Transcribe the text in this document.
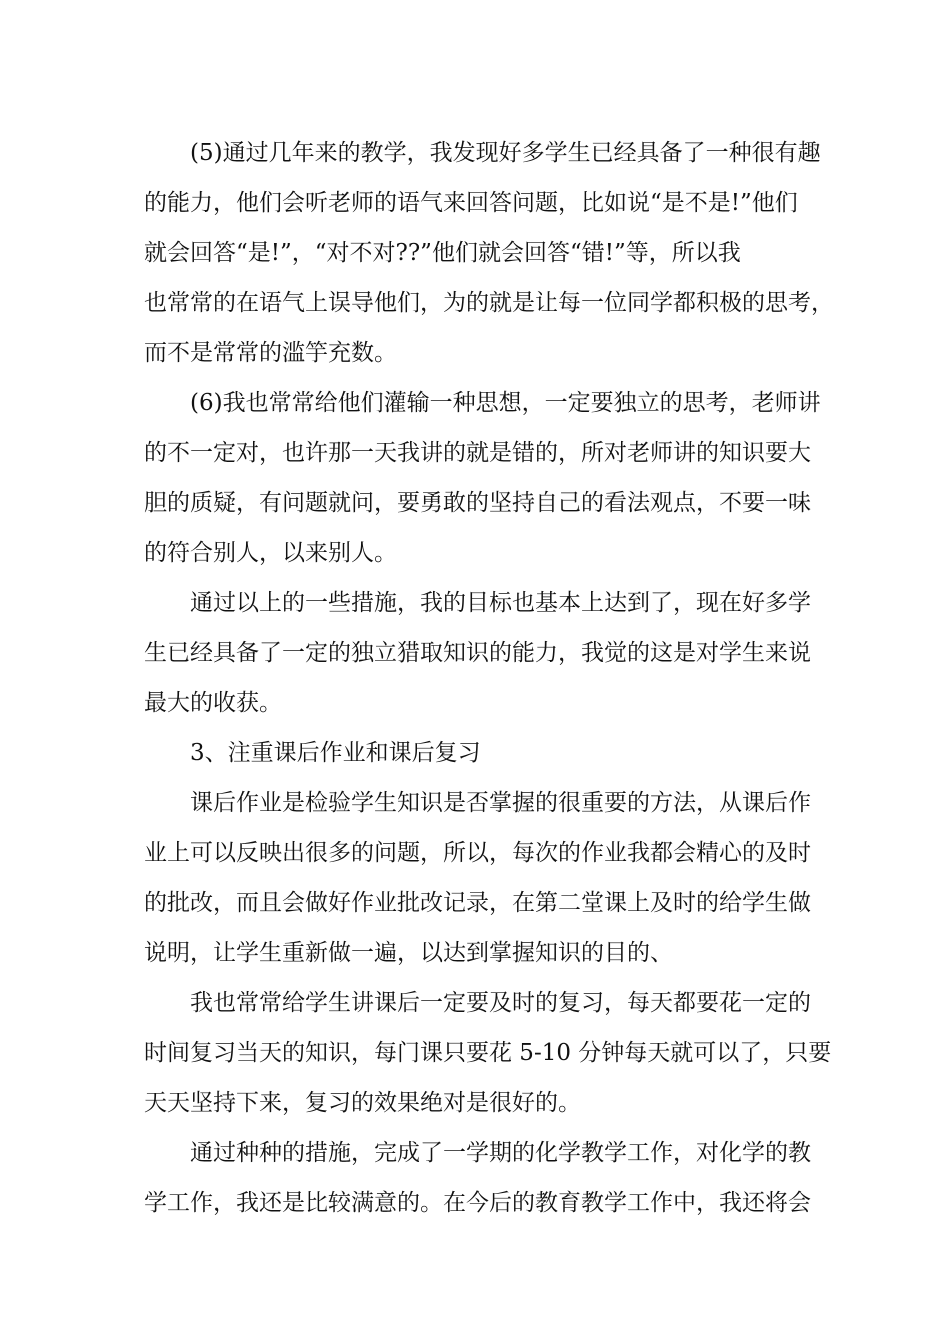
(5)通过几年来的教学，我发现好多学生已经具备了一种很有趣
的能力，他们会听老师的语气来回答问题，比如说“是不是!”他们
就会回答“是!”，“对不对??”他们就会回答“错!”等，所以我
也常常的在语气上误导他们，为的就是让每一位同学都积极的思考，
而不是常常的滥竽充数。
(6)我也常常给他们灌输一种思想，一定要独立的思考，老师讲
的不一定对，也许那一天我讲的就是错的，所对老师讲的知识要大
胆的质疑，有问题就问，要勇敢的坚持自己的看法观点，不要一味
的符合别人，以来别人。
通过以上的一些措施，我的目标也基本上达到了，现在好多学
生已经具备了一定的独立猎取知识的能力，我觉的这是对学生来说
最大的收获。
3、注重课后作业和课后复习
课后作业是检验学生知识是否掌握的很重要的方法，从课后作
业上可以反映出很多的问题，所以，每次的作业我都会精心的及时
的批改，而且会做好作业批改记录，在第二堂课上及时的给学生做
说明，让学生重新做一遍，以达到掌握知识的目的、
我也常常给学生讲课后一定要及时的复习，每天都要花一定的
时间复习当天的知识，每门课只要花 5-10 分钟每天就可以了，只要
天天坚持下来，复习的效果绝对是很好的。
通过种种的措施，完成了一学期的化学教学工作，对化学的教
学工作，我还是比较满意的。在今后的教育教学工作中，我还将会
